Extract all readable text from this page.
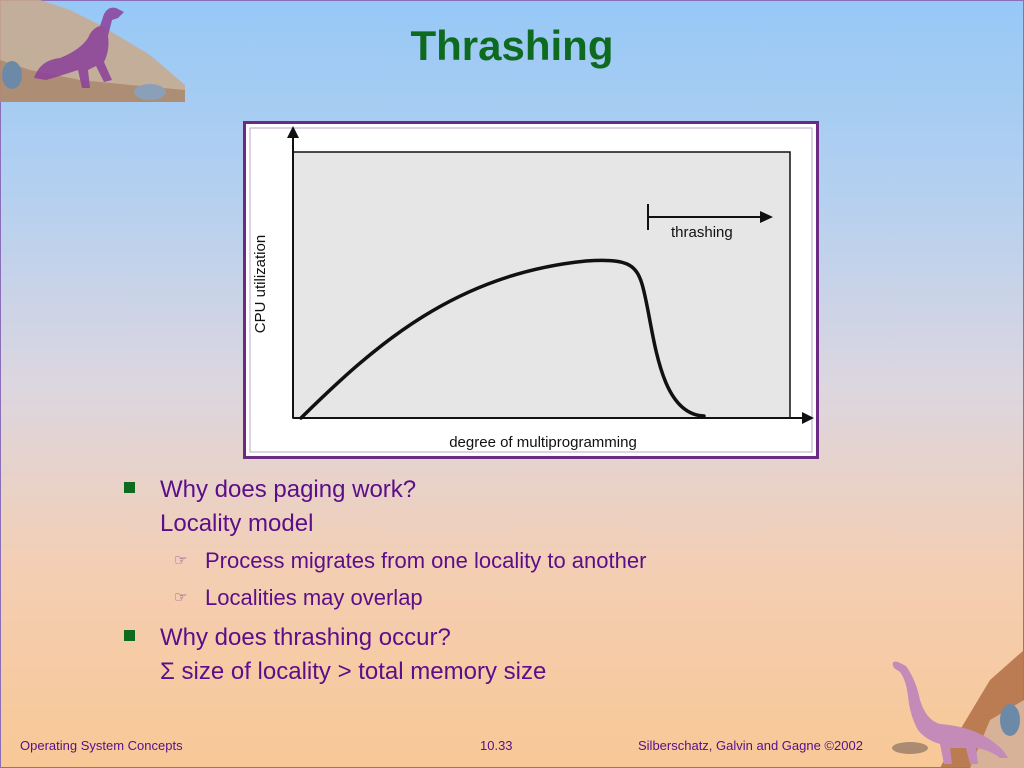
Thrashing
thrashing
CPU utilization
degree of multiprogramming
Why does paging work?
Locality model
☞ Process migrates from one locality to another
☞ Localities may overlap
Why does thrashing occur?
Σ size of locality > total memory size
Operating System Concepts	10.33	Silberschatz, Galvin and Gagne ©2002
